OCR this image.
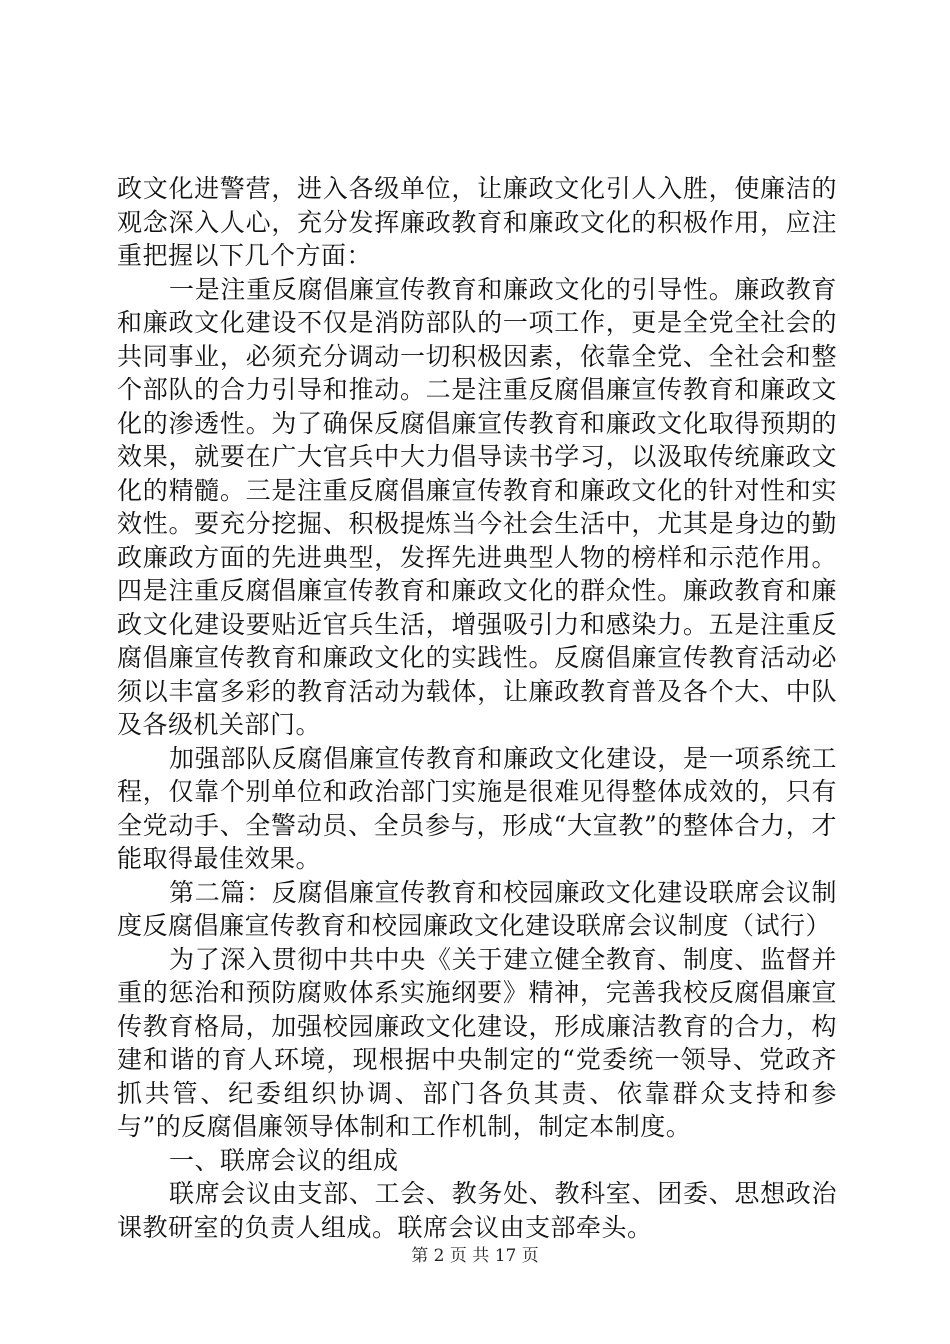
政文化进警营，进入各级单位，让廉政文化引人入胜，使廉洁的观念深入人心，充分发挥廉政教育和廉政文化的积极作用，应注重把握以下几个方面：

一是注重反腐倡廉宣传教育和廉政文化的引导性。廉政教育和廉政文化建设不仅是消防部队的一项工作，更是全党全社会的共同事业，必须充分调动一切积极因素，依靠全党、全社会和整个部队的合力引导和推动。二是注重反腐倡廉宣传教育和廉政文化的渗透性。为了确保反腐倡廉宣传教育和廉政文化取得预期的效果，就要在广大官兵中大力倡导读书学习，以汲取传统廉政文化的精髓。三是注重反腐倡廉宣传教育和廉政文化的针对性和实效性。要充分挖掘、积极提炼当今社会生活中，尤其是身边的勤政廉政方面的先进典型，发挥先进典型人物的榜样和示范作用。四是注重反腐倡廉宣传教育和廉政文化的群众性。廉政教育和廉政文化建设要贴近官兵生活，增强吸引力和感染力。五是注重反腐倡廉宣传教育和廉政文化的实践性。反腐倡廉宣传教育活动必须以丰富多彩的教育活动为载体，让廉政教育普及各个大、中队及各级机关部门。

加强部队反腐倡廉宣传教育和廉政文化建设，是一项系统工程，仅靠个别单位和政治部门实施是很难见得整体成效的，只有全党动手、全警动员、全员参与，形成“大宣教”的整体合力，才能取得最佳效果。

第二篇：反腐倡廉宣传教育和校园廉政文化建设联席会议制度反腐倡廉宣传教育和校园廉政文化建设联席会议制度（试行）

为了深入贯彻中共中央《关于建立健全教育、制度、监督并重的惩治和预防腐败体系实施纲要》精神，完善我校反腐倡廉宣传教育格局，加强校园廉政文化建设，形成廉洁教育的合力，构建和谐的育人环境，现根据中央制定的“党委统一领导、党政齐抓共管、纪委组织协调、部门各负其责、依靠群众支持和参与”的反腐倡廉领导体制和工作机制，制定本制度。

一、联席会议的组成

联席会议由支部、工会、教务处、教科室、团委、思想政治课教研室的负责人组成。联席会议由支部牵头。

第 2 页 共 17 页
